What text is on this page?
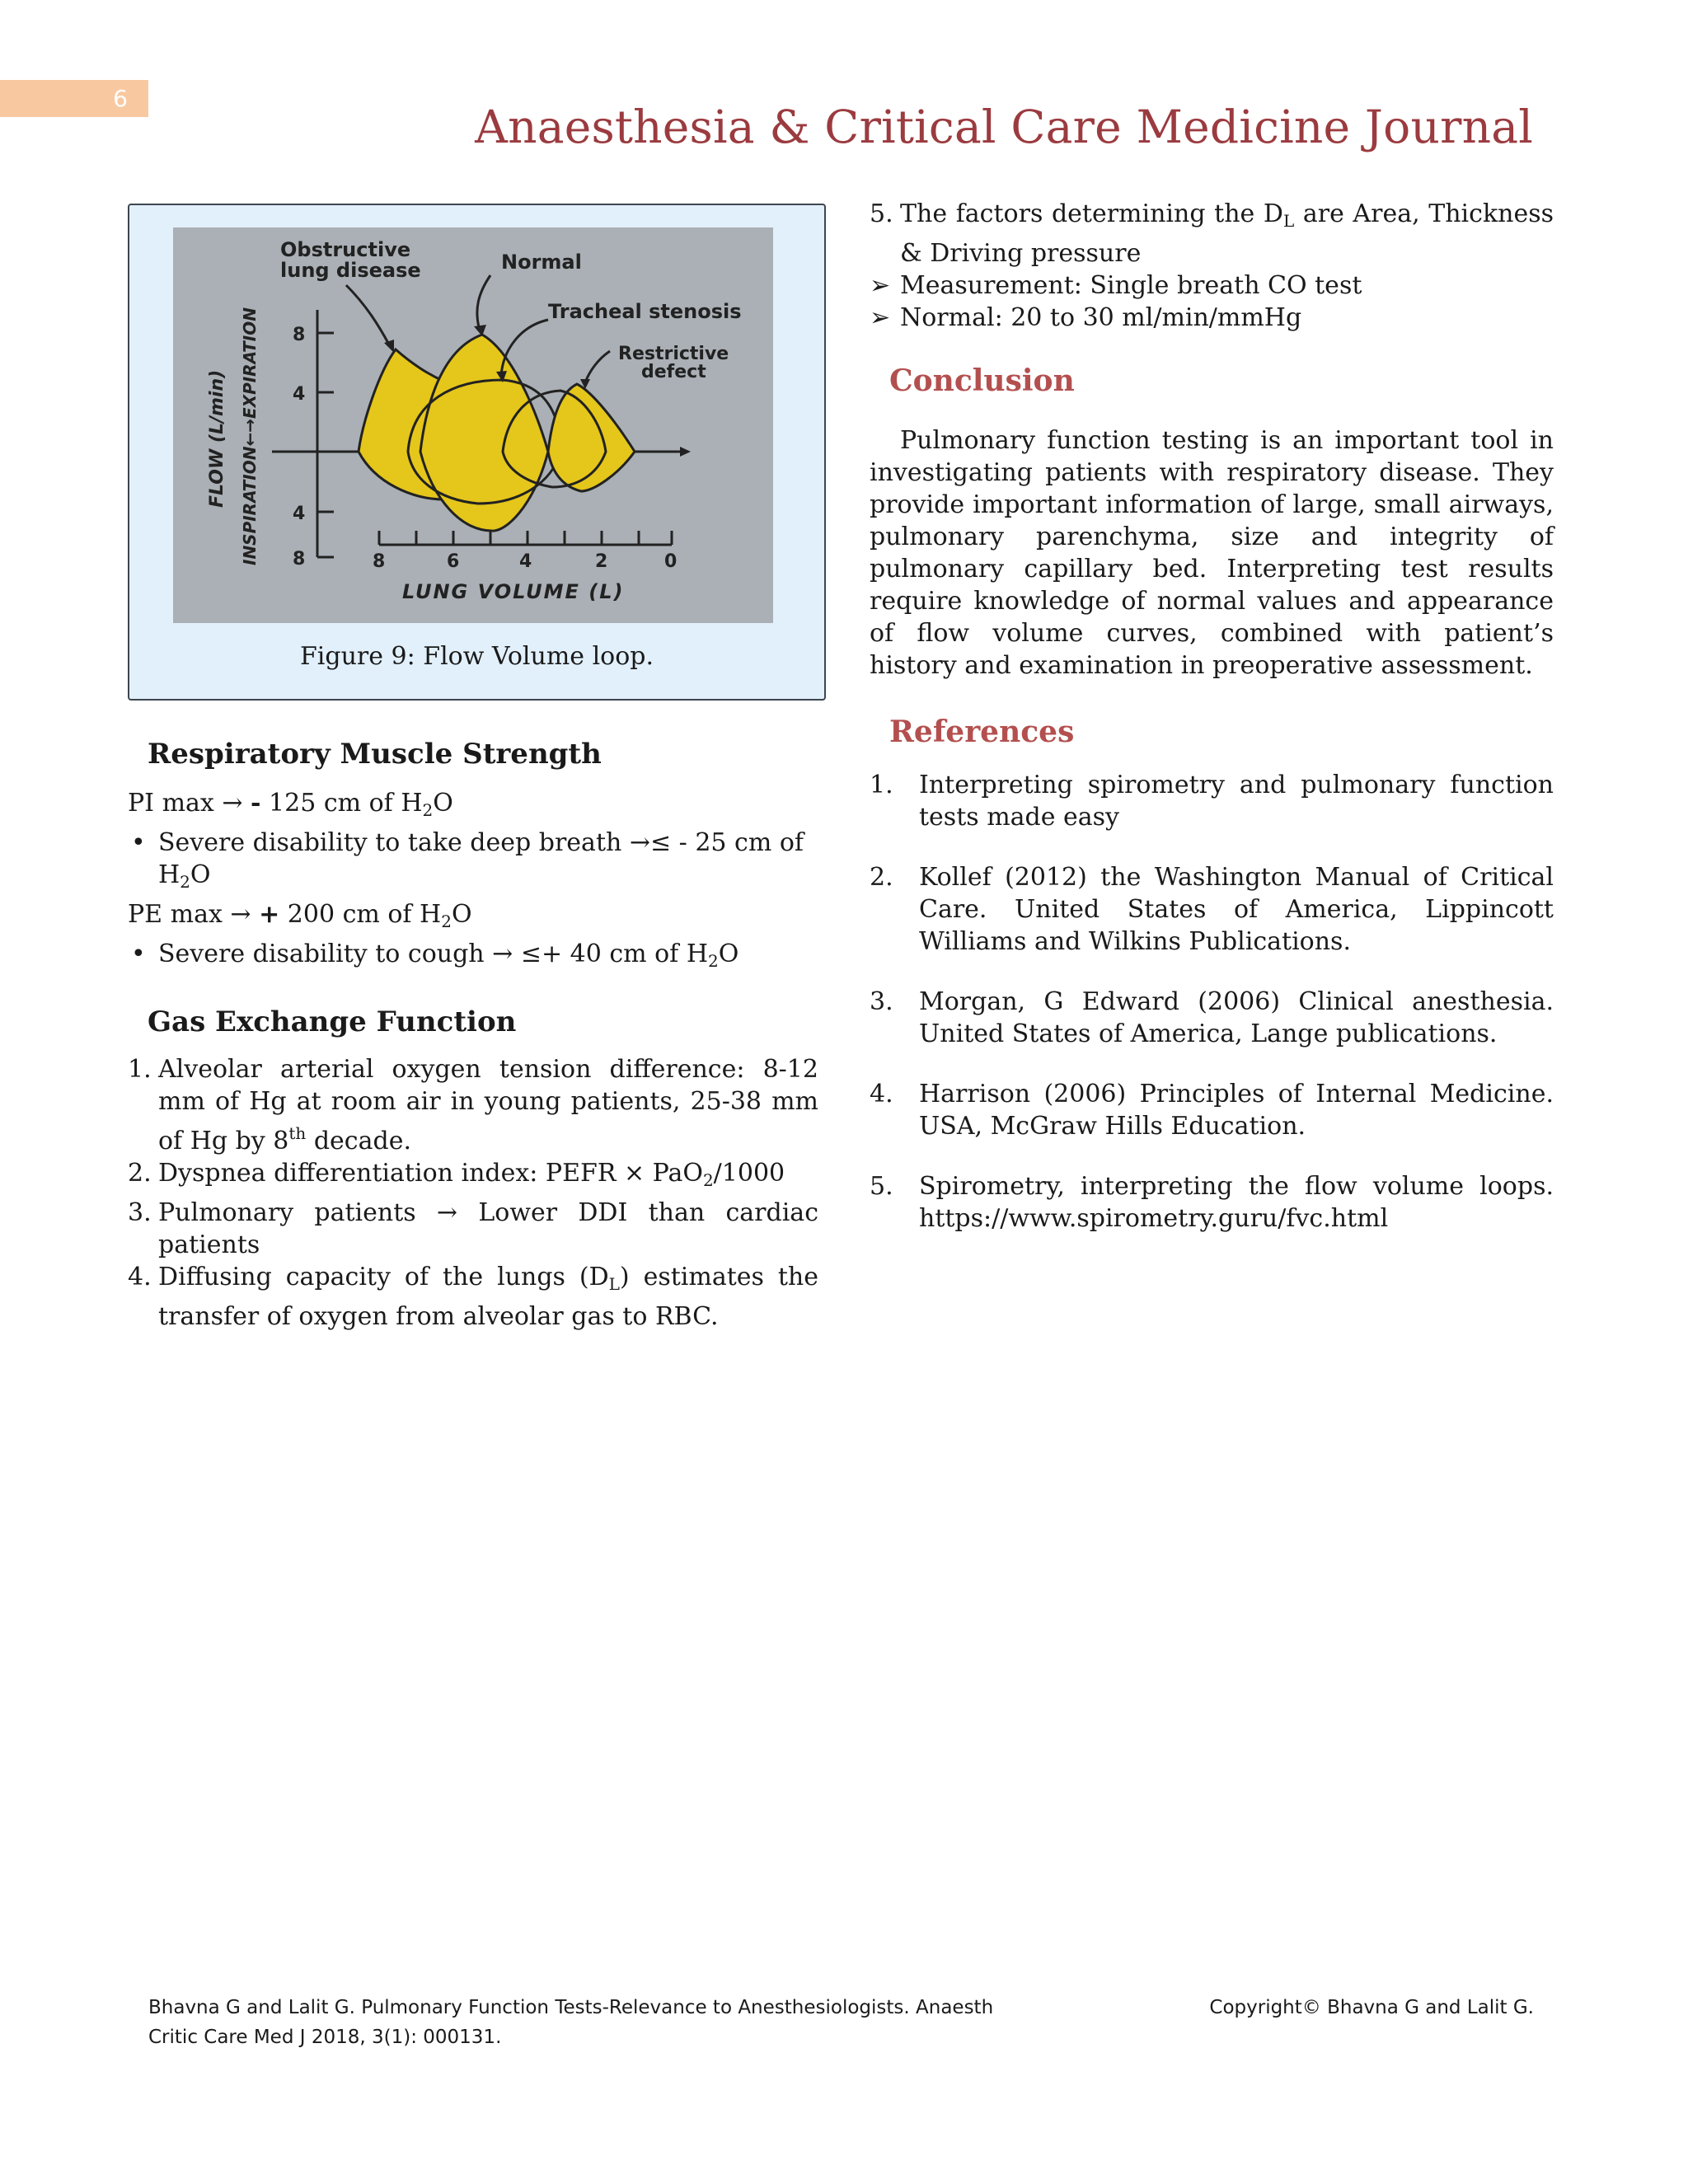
6
Anaesthesia & Critical Care Medicine Journal
8
4
4
8	8	6	4	2	0
LUNG VOLUME (L)
INSPIRATION←→EXPIRATION
FLOW (L/min)
Obstructive
lung disease	Normal
Tracheal stenosis
Restrictive
defect
Figure 9: Flow Volume loop.
Respiratory Muscle Strength
PI max → - 125 cm of $H_2O$
• Severe disability to take deep breath →≤ - 25 cm of $H_2O$
PE max → + 200 cm of $H_2O$
• Severe disability to cough → ≤+ 40 cm of $H_2O$
Gas Exchange Function
1. Alveolar arterial oxygen tension difference: 8-12 mm of Hg at room air in young patients, 25-38 mm of Hg by 8th decade.
2. Dyspnea differentiation index: PEFR × PaO$_2$/1000
3. Pulmonary patients → Lower DDI than cardiac patients
4. Diffusing capacity of the lungs $(D_L)$ estimates the transfer of oxygen from alveolar gas to RBC.
5. The factors determining the $D_L$ are Area, Thickness & Driving pressure
➢ Measurement: Single breath CO test
➢ Normal: 20 to 30 ml/min/mmHg
Conclusion
Pulmonary function testing is an important tool in investigating patients with respiratory disease. They provide important information of large, small airways, pulmonary parenchyma, size and integrity of pulmonary capillary bed. Interpreting test results require knowledge of normal values and appearance of flow volume curves, combined with patient’s history and examination in preoperative assessment.
References
1.	Interpreting spirometry and pulmonary function tests made easy
2.	Kollef (2012) the Washington Manual of Critical Care. United States of America, Lippincott Williams and Wilkins Publications.
3.	Morgan, G Edward (2006) Clinical anesthesia. United States of America, Lange publications.
4.	Harrison (2006) Principles of Internal Medicine. USA, McGraw Hills Education.
5.	Spirometry, interpreting the flow volume loops. https://www.spirometry.guru/fvc.html
Bhavna G and Lalit G. Pulmonary Function Tests-Relevance to Anesthesiologists. Anaesth Critic Care Med J 2018, 3(1): 000131.
Copyright© Bhavna G and Lalit G.
